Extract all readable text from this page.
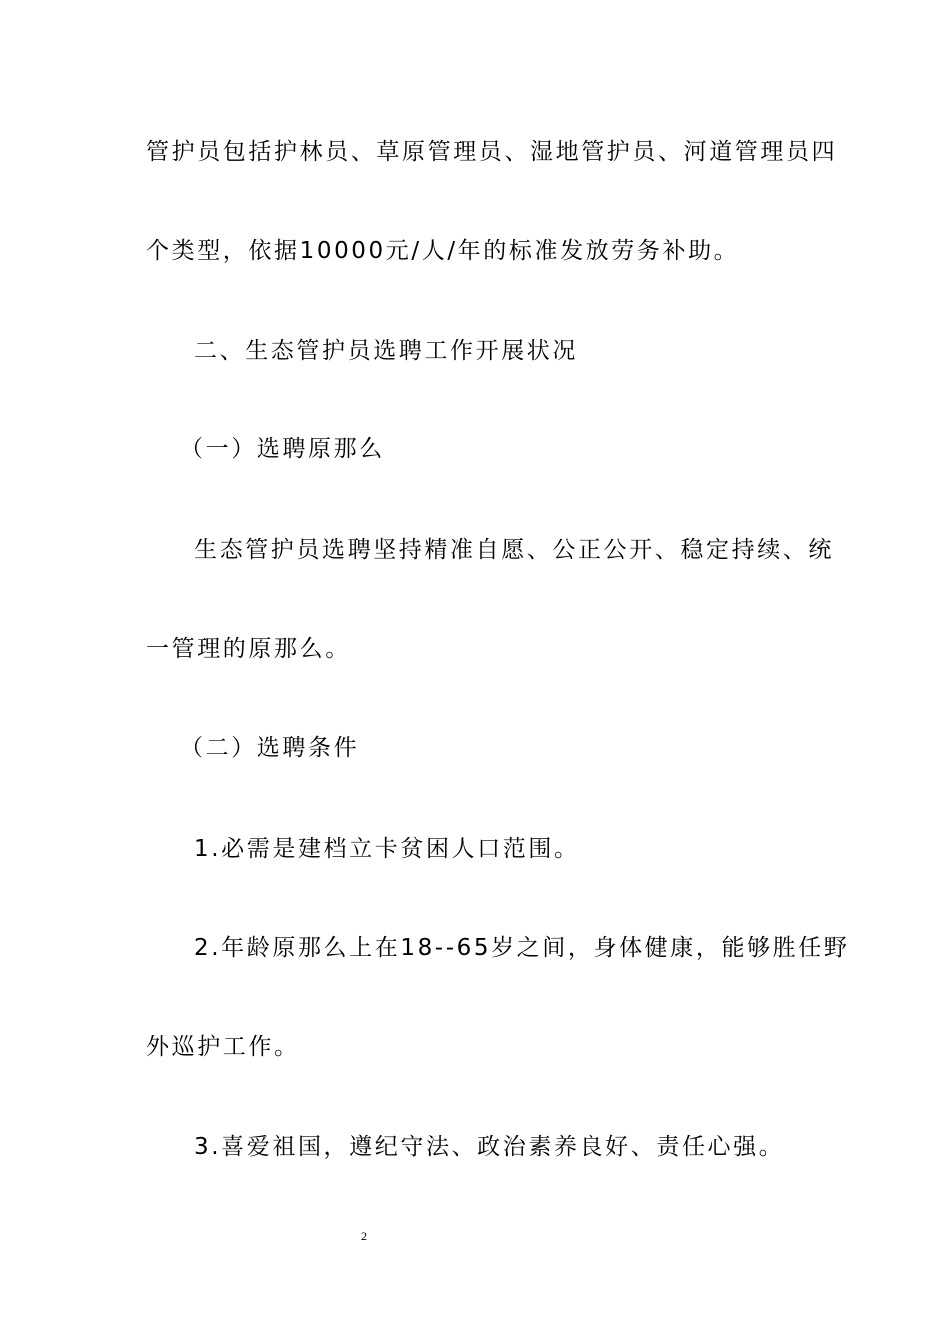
管护员包括护林员、草原管理员、湿地管护员、河道管理员四
个类型，依据10000元/人/年的标准发放劳务补助。
二、生态管护员选聘工作开展状况
（一）选聘原那么
生态管护员选聘坚持精准自愿、公正公开、稳定持续、统
一管理的原那么。
（二）选聘条件
1.必需是建档立卡贫困人口范围。
2.年龄原那么上在18--65岁之间，身体健康，能够胜任野
外巡护工作。
3.喜爱祖国，遵纪守法、政治素养良好、责任心强。
2
